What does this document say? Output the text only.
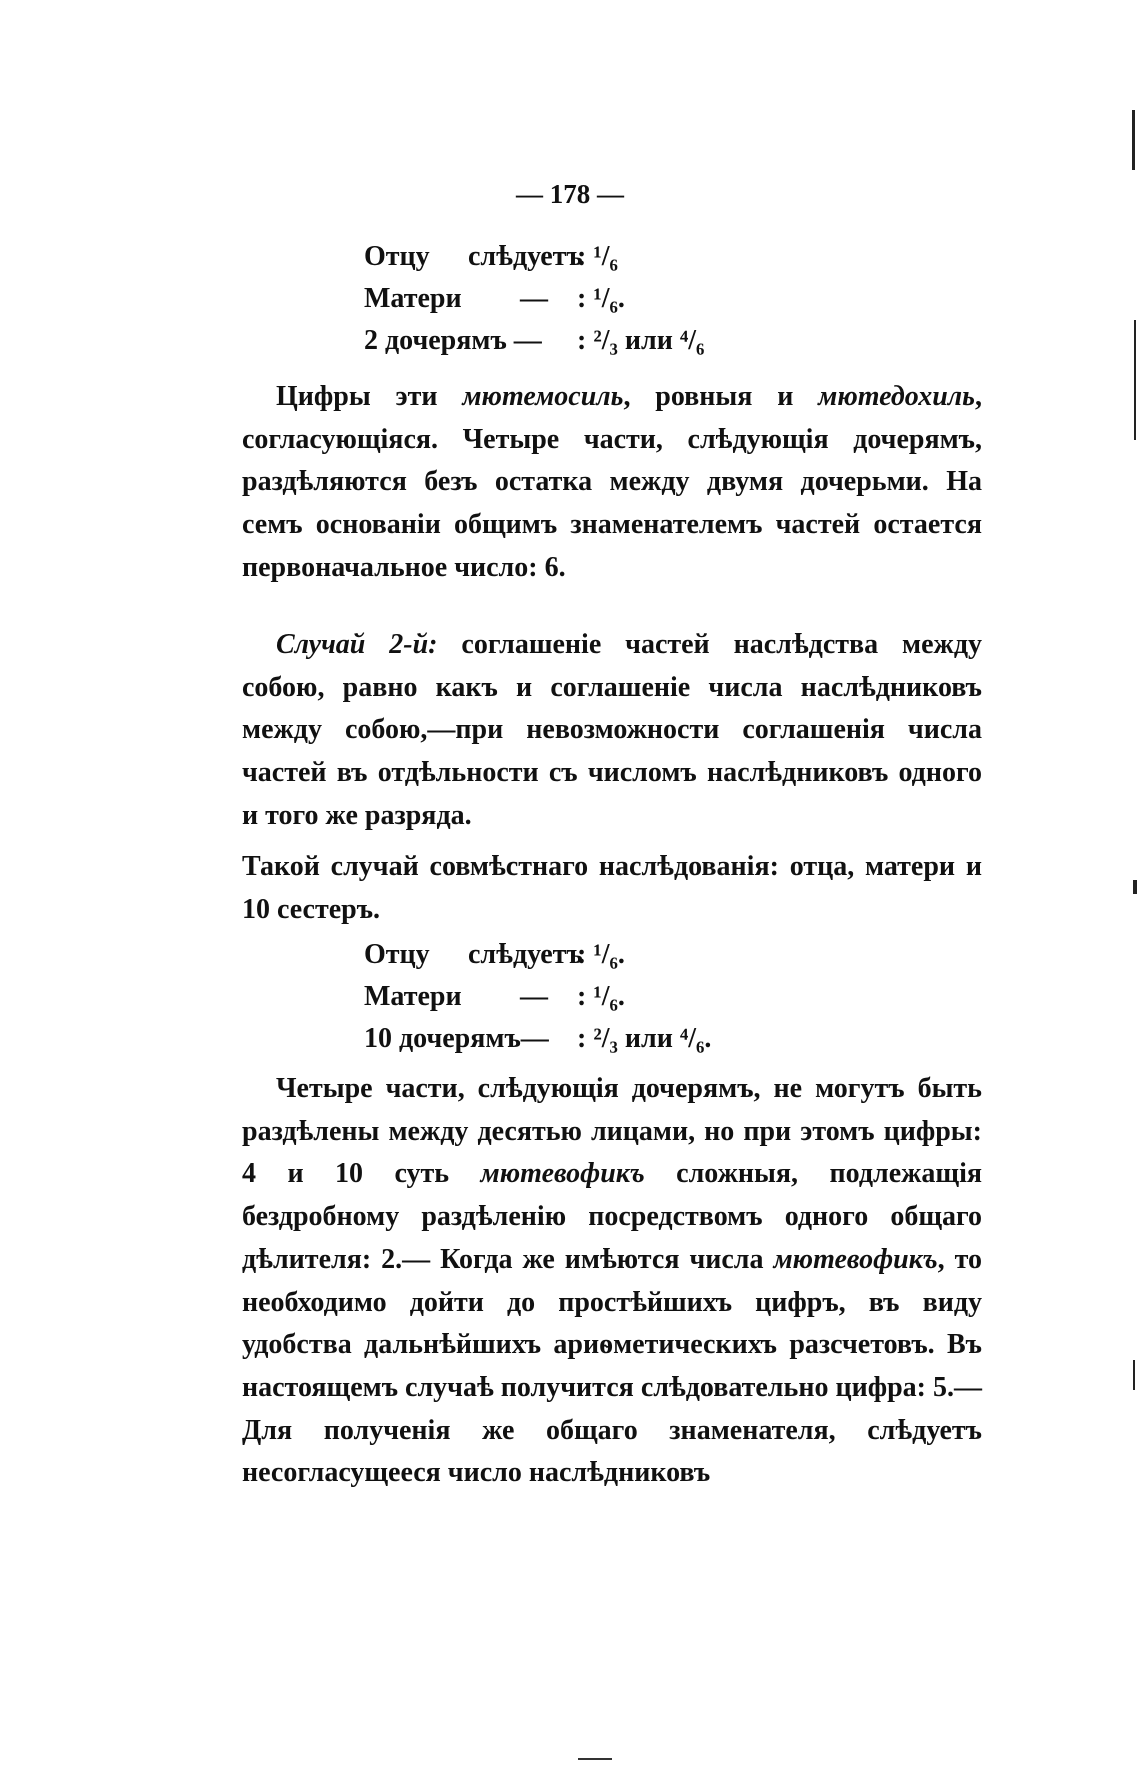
— 178 —
Отцу слѣдуетъ
: ¹/₆
Матери — : ¹/₆.
2 дочерямъ — : ²/₃ или ⁴/₆

Цифры эти мютемосиль, ровныя и мютедохиль, согласующіяся. Четыре части, слѣдующія дочерямъ, раздѣляются безъ остатка между двумя дочерьми. На семъ основаніи общимъ знаменателемъ частей остается первоначальное число: 6.

Случай 2-й: соглашеніе частей наслѣдства между собою, равно какъ и соглашеніе числа наслѣдниковъ между собою,—при невозможности соглашенія числа частей въ отдѣльности съ числомъ наслѣдниковъ одного и того же разряда.

Такой случай совмѣстнаго наслѣдованія: отца, матери и 10 сестеръ.
Отцу слѣдуетъ
: ¹/₆.
Матери — : ¹/₆.
10 дочерямъ— : ²/₃ или ⁴/₆.

Четыре части, слѣдующія дочерямъ, не могутъ быть раздѣлены между десятью лицами, но при этомъ цифры: 4 и 10 суть мютевофикъ сложныя, подлежащія бездробному раздѣленію посредствомъ одного общаго дѣлителя: 2.— Когда же имѣются числа мютевофикъ, то необходимо дойти до простѣйшихъ цифръ, въ виду удобства дальнѣйшихъ ариѳметическихъ разсчетовъ. Въ настоящемъ случаѣ получится слѣдовательно цифра: 5.—Для полученія же общаго знаменателя, слѣдуетъ несогласущееся число наслѣдниковъ
